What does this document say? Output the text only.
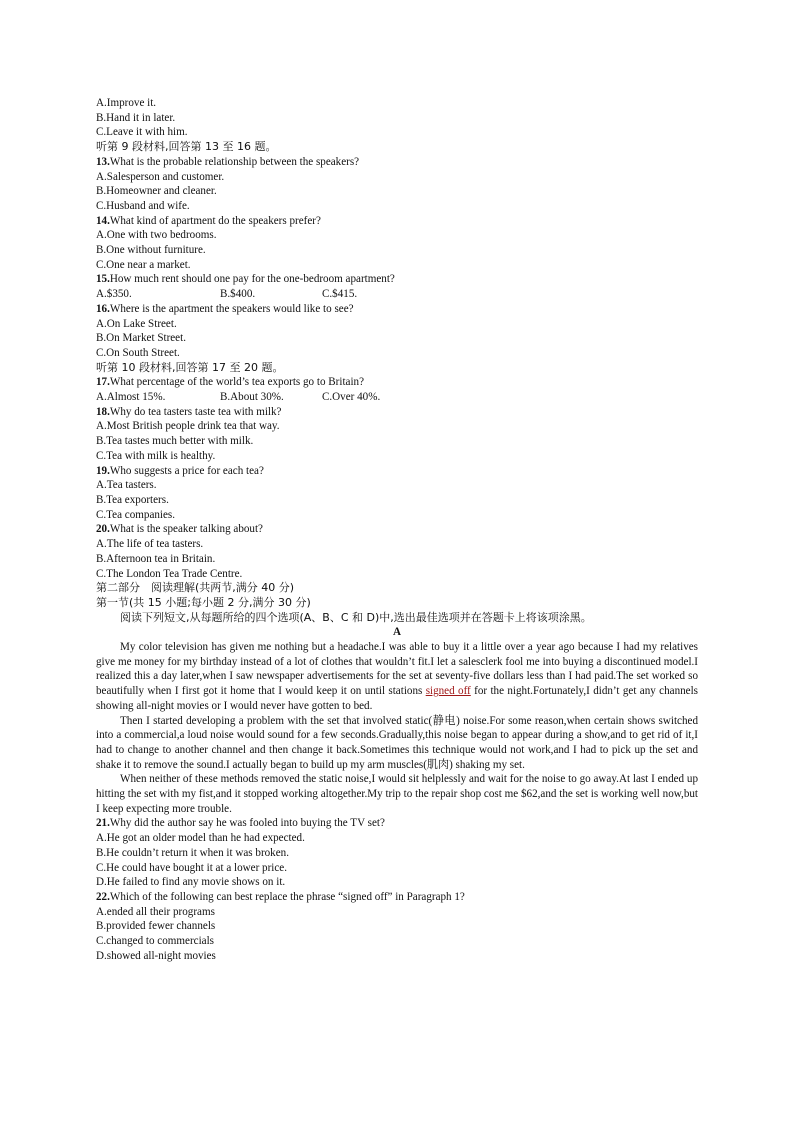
A.Improve it.
B.Hand it in later.
C.Leave it with him.
听第 9 段材料,回答第 13 至 16 题。
13.What is the probable relationship between the speakers?
A.Salesperson and customer.
B.Homeowner and cleaner.
C.Husband and wife.
14.What kind of apartment do the speakers prefer?
A.One with two bedrooms.
B.One without furniture.
C.One near a market.
15.How much rent should one pay for the one-bedroom apartment?
A.$350.	B.$400.	C.$415.
16.Where is the apartment the speakers would like to see?
A.On Lake Street.
B.On Market Street.
C.On South Street.
听第 10 段材料,回答第 17 至 20 题。
17.What percentage of the world’s tea exports go to Britain?
A.Almost 15%.	B.About 30%.	C.Over 40%.
18.Why do tea tasters taste tea with milk?
A.Most British people drink tea that way.
B.Tea tastes much better with milk.
C.Tea with milk is healthy.
19.Who suggests a price for each tea?
A.Tea tasters.
B.Tea exporters.
C.Tea companies.
20.What is the speaker talking about?
A.The life of tea tasters.
B.Afternoon tea in Britain.
C.The London Tea Trade Centre.
第二部分　阅读理解(共两节,满分 40 分)
第一节(共 15 小题;每小题 2 分,满分 30 分)
阅读下列短文,从每题所给的四个选项(A、B、C 和 D)中,选出最佳选项并在答题卡上将该项涂黑。
A

My color television has given me nothing but a headache.I was able to buy it a little over a year ago because I had my relatives give me money for my birthday instead of a lot of clothes that wouldn’t fit.I let a salesclerk fool me into buying a discontinued model.I realized this a day later,when I saw newspaper advertisements for the set at seventy-five dollars less than I had paid.The set worked so beautifully when I first got it home that I would keep it on until stations signed off for the night.Fortunately,I didn’t get any channels showing all-night movies or I would never have gotten to bed.

Then I started developing a problem with the set that involved static(静电) noise.For some reason,when certain shows switched into a commercial,a loud noise would sound for a few seconds.Gradually,this noise began to appear during a show,and to get rid of it,I had to change to another channel and then change it back.Sometimes this technique would not work,and I had to pick up the set and shake it to remove the sound.I actually began to build up my arm muscles(肌肉) shaking my set.

When neither of these methods removed the static noise,I would sit helplessly and wait for the noise to go away.At last I ended up hitting the set with my fist,and it stopped working altogether.My trip to the repair shop cost me $62,and the set is working well now,but I keep expecting more trouble.

21.Why did the author say he was fooled into buying the TV set?
A.He got an older model than he had expected.
B.He couldn’t return it when it was broken.
C.He could have bought it at a lower price.
D.He failed to find any movie shows on it.
22.Which of the following can best replace the phrase “signed off” in Paragraph 1?
A.ended all their programs
B.provided fewer channels
C.changed to commercials
D.showed all-night movies
